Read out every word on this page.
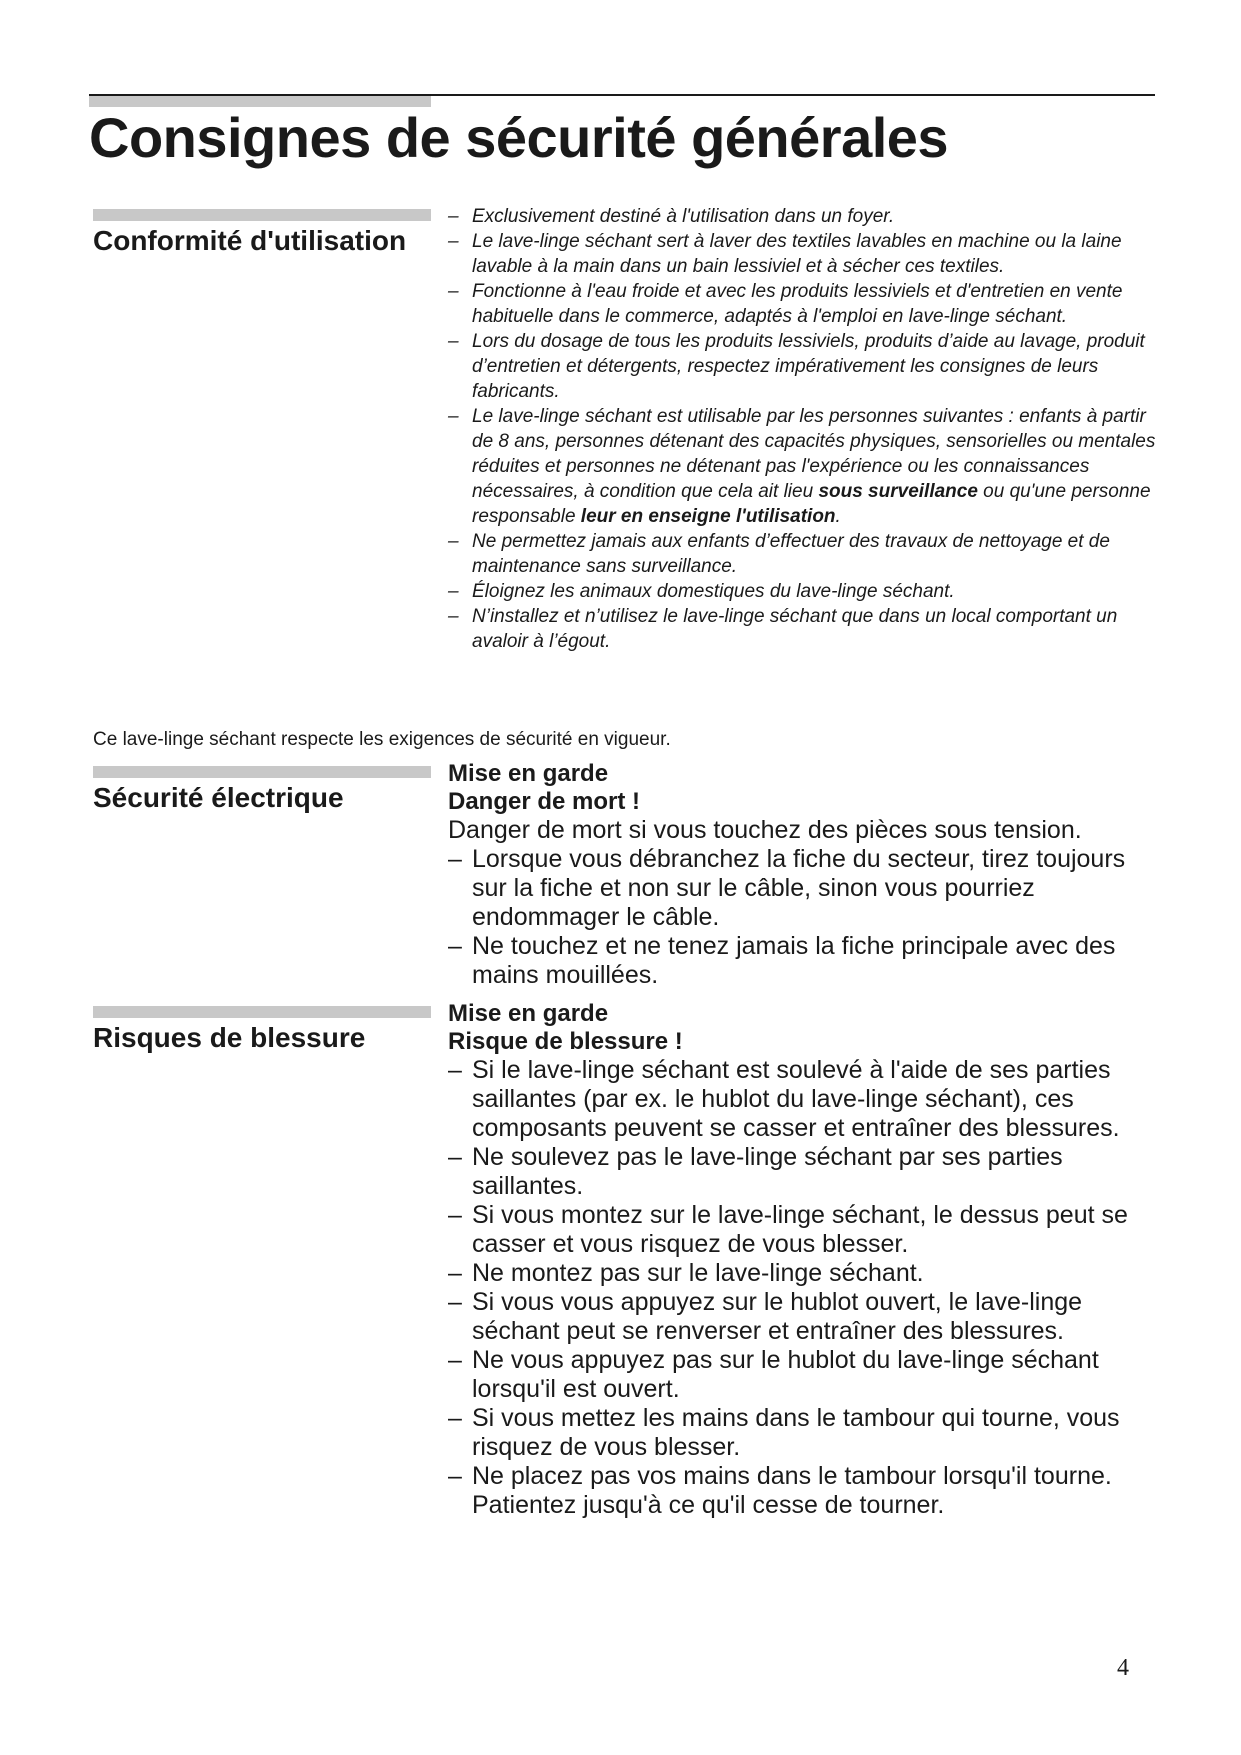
Consignes de sécurité générales
Conformité d'utilisation
– Exclusivement destiné à l'utilisation dans un foyer.
– Le lave-linge séchant sert à laver des textiles lavables en machine ou la laine lavable à la main dans un bain lessiviel et à sécher ces textiles.
– Fonctionne à l'eau froide et avec les produits lessiviels et d'entretien en vente habituelle dans le commerce, adaptés à l'emploi en lave-linge séchant.
– Lors du dosage de tous les produits lessiviels, produits d’aide au lavage, produit d’entretien et détergents, respectez impérativement les consignes de leurs fabricants.
– Le lave-linge séchant est utilisable par les personnes suivantes : enfants à partir de 8 ans, personnes détenant des capacités physiques, sensorielles ou mentales réduites et personnes ne détenant pas l'expérience ou les connaissances nécessaires, à condition que cela ait lieu sous surveillance ou qu'une personne responsable leur en enseigne l'utilisation.
– Ne permettez jamais aux enfants d’effectuer des travaux de nettoyage et de maintenance sans surveillance.
– Éloignez les animaux domestiques du lave-linge séchant.
– N’installez et n’utilisez le lave-linge séchant que dans un local comportant un avaloir à l’égout.
Ce lave-linge séchant respecte les exigences de sécurité en vigueur.
Sécurité électrique
Mise en garde
Danger de mort !
Danger de mort si vous touchez des pièces sous tension.
– Lorsque vous débranchez la fiche du secteur, tirez toujours sur la fiche et non sur le câble, sinon vous pourriez endommager le câble.
– Ne touchez et ne tenez jamais la fiche principale avec des mains mouillées.
Risques de blessure
Mise en garde
Risque de blessure !
– Si le lave-linge séchant est soulevé à l'aide de ses parties saillantes (par ex. le hublot du lave-linge séchant), ces composants peuvent se casser et entraîner des blessures.
– Ne soulevez pas le lave-linge séchant par ses parties saillantes.
– Si vous montez sur le lave-linge séchant, le dessus peut se casser et vous risquez de vous blesser.
– Ne montez pas sur le lave-linge séchant.
– Si vous vous appuyez sur le hublot ouvert, le lave-linge séchant peut se renverser et entraîner des blessures.
– Ne vous appuyez pas sur le hublot du lave-linge séchant lorsqu'il est ouvert.
– Si vous mettez les mains dans le tambour qui tourne, vous risquez de vous blesser.
– Ne placez pas vos mains dans le tambour lorsqu'il tourne. Patientez jusqu'à ce qu'il cesse de tourner.
4
